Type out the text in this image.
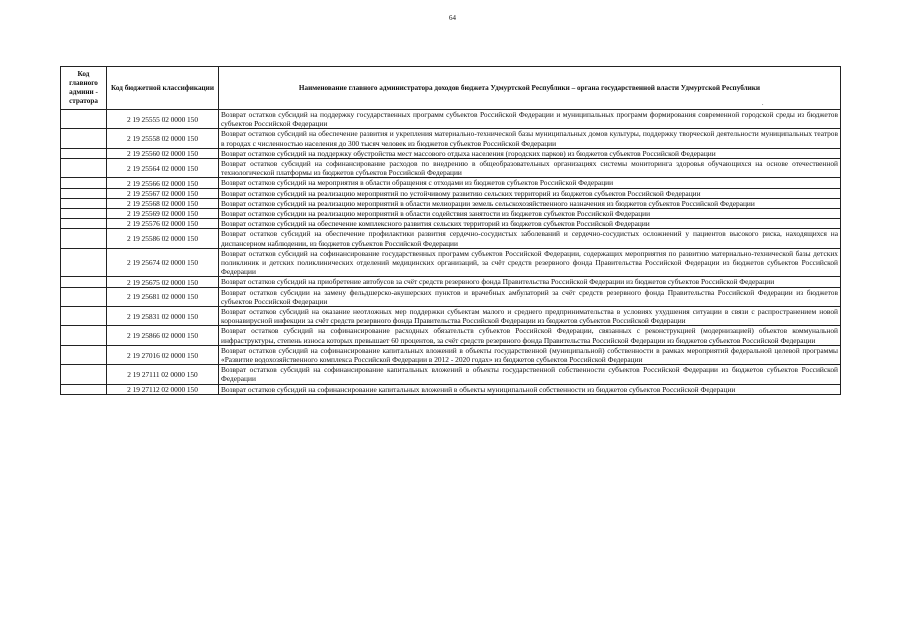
64
Код главного админи - стратора	Код бюджетной классификации	Наименование главного администратора доходов бюджета Удмуртской Республики – органа государственной власти Удмуртской Республики
	2 19 25555 02 0000 150	Возврат остатков субсидий на поддержку государственных программ субъектов Российской Федерации и муниципальных программ формирования современной городской среды из бюджетов субъектов Российской Федерации
	2 19 25558 02 0000 150	Возврат остатков субсидий на обеспечение развития и укрепления материально-технической базы муниципальных домов культуры, поддержку творческой деятельности муниципальных театров в городах с численностью населения до 300 тысяч человек из бюджетов субъектов Российской Федерации
	2 19 25560 02 0000 150	Возврат остатков субсидий на поддержку обустройства мест массового отдыха населения (городских парков) из бюджетов субъектов Российской Федерации
	2 19 25564 02 0000 150	Возврат остатков субсидий на софинансирование расходов по внедрению в общеобразовательных организациях системы мониторинга здоровья обучающихся на основе отечественной технологической платформы из бюджетов субъектов Российской Федерации
	2 19 25566 02 0000 150	Возврат остатков субсидий на мероприятия в области обращения с отходами из бюджетов субъектов Российской Федерации
	2 19 25567 02 0000 150	Возврат остатков субсидий на реализацию мероприятий по устойчивому развитию сельских территорий из бюджетов субъектов Российской Федерации
	2 19 25568 02 0000 150	Возврат остатков субсидий на реализацию мероприятий в области мелиорации земель сельскохозяйственного назначения из бюджетов субъектов Российской Федерации
	2 19 25569 02 0000 150	Возврат остатков субсидии на реализацию мероприятий в области содействия занятости из бюджетов субъектов Российской Федерации
	2 19 25576 02 0000 150	Возврат остатков субсидий на обеспечение комплексного развития сельских территорий из бюджетов субъектов Российской Федерации
	2 19 25586 02 0000 150	Возврат остатков субсидий на обеспечение профилактики развития сердечно-сосудистых заболеваний и сердечно-сосудистых осложнений у пациентов высокого риска, находящихся на диспансерном наблюдении, из бюджетов субъектов Российской Федерации
	2 19 25674 02 0000 150	Возврат остатков субсидий на софинансирование государственных программ субъектов Российской Федерации, содержащих мероприятия по развитию материально-технической базы детских поликлиник и детских поликлинических отделений медицинских организаций, за счёт средств резервного фонда Правительства Российской Федерации из бюджетов субъектов Российской Федерации
	2 19 25675 02 0000 150	Возврат остатков субсидий на приобретение автобусов за счёт средств резервного фонда Правительства Российской Федерации из бюджетов субъектов Российской Федерации
	2 19 25681 02 0000 150	Возврат остатков субсидии на замену фельдшерско-акушерских пунктов и врачебных амбулаторий за счёт средств резервного фонда Правительства Российской Федерации из бюджетов субъектов Российской Федерации
	2 19 25831 02 0000 150	Возврат остатков субсидий на оказание неотложных мер поддержки субъектам малого и среднего предпринимательства в условиях ухудшения ситуации в связи с распространением новой коронавирусной инфекции за счёт средств резервного фонда Правительства Российской Федерации из бюджетов субъектов Российской Федерации
	2 19 25866 02 0000 150	Возврат остатков субсидий на софинансирование расходных обязательств субъектов Российской Федерации, связанных с реконструкцией (модернизацией) объектов коммунальной инфраструктуры, степень износа которых превышает 60 процентов, за счёт средств резервного фонда Правительства Российской Федерации из бюджетов субъектов Российской Федерации
	2 19 27016 02 0000 150	Возврат остатков субсидий на софинансирование капитальных вложений в объекты государственной (муниципальной) собственности в рамках мероприятий федеральной целевой программы «Развитие водохозяйственного комплекса Российской Федерации в 2012 - 2020 годах» из бюджетов субъектов Российской Федерации
	2 19 27111 02 0000 150	Возврат остатков субсидий на софинансирование капитальных вложений в объекты государственной собственности субъектов Российской Федерации из бюджетов субъектов Российской Федерации
	2 19 27112 02 0000 150	Возврат остатков субсидий на софинансирование капитальных вложений в объекты муниципальной собственности из бюджетов субъектов Российской Федерации
.
